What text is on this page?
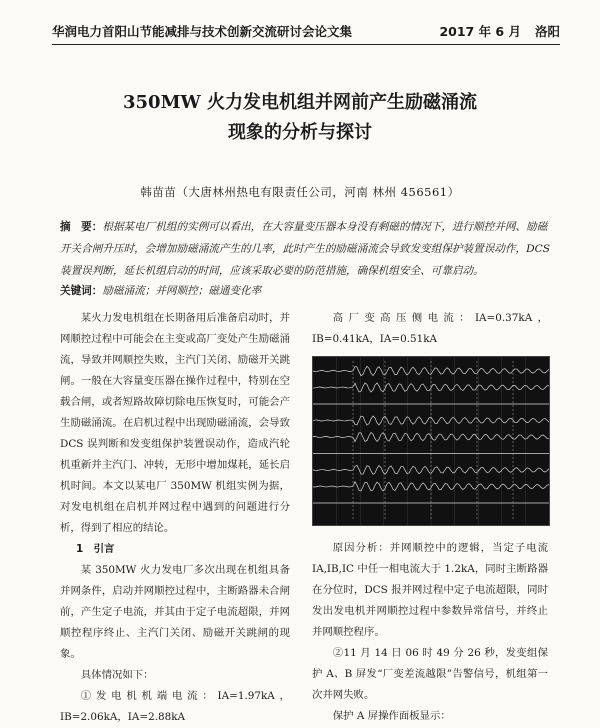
华润电力首阳山节能减排与技术创新交流研讨会论文集	2017 年 6 月 洛阳
350MW 火力发电机组并网前产生励磁涌流
现象的分析与探讨
韩苗苗（大唐林州热电有限责任公司，河南 林州 456561）
摘　要：根据某电厂机组的实例可以看出，在大容量变压器本身没有剩磁的情况下，进行顺控并网、励磁开关合闸升压时，会增加励磁涌流产生的几率，此时产生的励磁涌流会导致发变组保护装置误动作，DCS 装置误判断，延长机组启动的时间，应该采取必要的防范措施，确保机组安全、可靠启动。
关键词：励磁涌流；并网顺控；磁通变化率

某火力发电机组在长期备用后准备启动时，并网顺控过程中可能会在主变或高厂变处产生励磁涌流，导致并网顺控失败，主汽门关闭、励磁开关跳闸。一般在大容量变压器在操作过程中，特别在空载合闸，或者短路故障切除电压恢复时，可能会产生励磁涌流。在启机过程中出现励磁涌流，会导致 DCS 误判断和发变组保护装置误动作，造成汽轮机重新并主汽门、冲转，无形中增加煤耗，延长启机时间。本文以某电厂 350MW 机组实例为据，对发电机组在启机并网过程中遇到的问题进行分析，得到了相应的结论。

1　引言

某 350MW 火力发电厂多次出现在机组具备并网条件，启动并网顺控过程中，主断路器未合闸前，产生定子电流，并其由于定子电流超限，并网顺控程序终止、主汽门关闭、励磁开关跳闸的现象。

具体情况如下：

①发电机机端电流：IA=1.97kA，IB=2.06kA，IA=2.88kA

高厂变高压侧电流：IA=0.37kA，IB=0.41kA，IA=0.51kA

原因分析：并网顺控中的逻辑，当定子电流IA,IB,IC 中任一相电流大于 1.2kA，同时主断路器在分位时，DCS 报并网过程中定子电流超限，同时发出发电机并网顺控过程中参数异常信号，并终止并网顺控程序。

②11 月 14 日 06 时 49 分 26 秒，发变组保护 A、B 屏发“厂变差流越限”告警信号，机组第一次并网失败。

保护 A 屏操作面板显示：
